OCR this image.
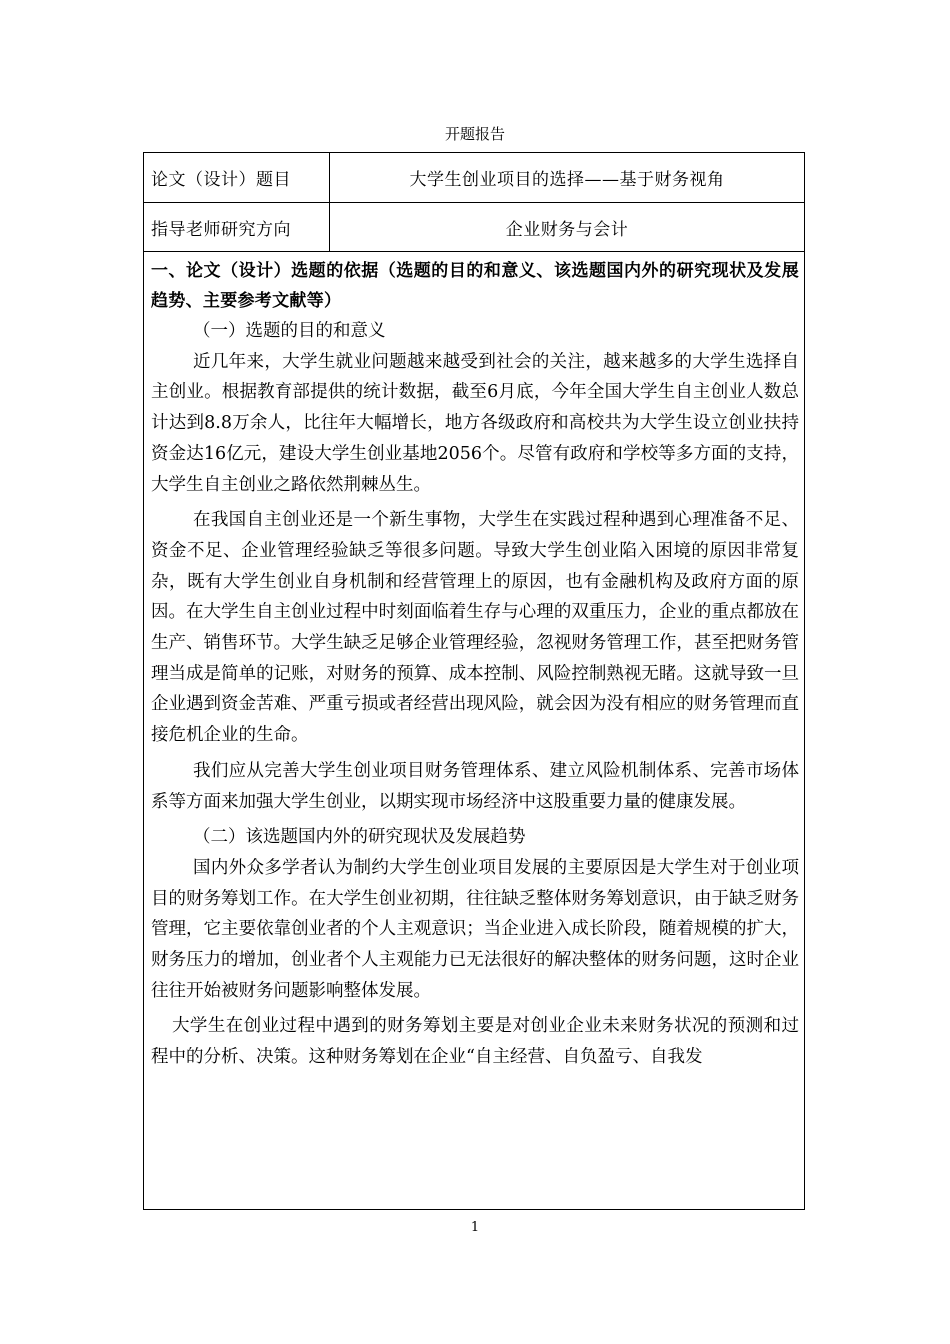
开题报告
论文（设计）题目	大学生创业项目的选择——基于财务视角
指导老师研究方向	企业财务与会计
一、论文（设计）选题的依据（选题的目的和意义、该选题国内外的研究现状及发展趋势、主要参考文献等）
（一）选题的目的和意义

近几年来，大学生就业问题越来越受到社会的关注，越来越多的大学生选择自主创业。根据教育部提供的统计数据，截至6月底，今年全国大学生自主创业人数总计达到8.8万余人，比往年大幅增长，地方各级政府和高校共为大学生设立创业扶持资金达16亿元，建设大学生创业基地2056个。尽管有政府和学校等多方面的支持，大学生自主创业之路依然荆棘丛生。

在我国自主创业还是一个新生事物，大学生在实践过程种遇到心理准备不足、资金不足、企业管理经验缺乏等很多问题。导致大学生创业陷入困境的原因非常复杂，既有大学生创业自身机制和经营管理上的原因，也有金融机构及政府方面的原因。在大学生自主创业过程中时刻面临着生存与心理的双重压力，企业的重点都放在生产、销售环节。大学生缺乏足够企业管理经验，忽视财务管理工作，甚至把财务管理当成是简单的记账，对财务的预算、成本控制、风险控制熟视无睹。这就导致一旦企业遇到资金苦难、严重亏损或者经营出现风险，就会因为没有相应的财务管理而直接危机企业的生命。

我们应从完善大学生创业项目财务管理体系、建立风险机制体系、完善市场体系等方面来加强大学生创业，以期实现市场经济中这股重要力量的健康发展。

（二）该选题国内外的研究现状及发展趋势

国内外众多学者认为制约大学生创业项目发展的主要原因是大学生对于创业项目的财务筹划工作。在大学生创业初期，往往缺乏整体财务筹划意识，由于缺乏财务管理，它主要依靠创业者的个人主观意识；当企业进入成长阶段，随着规模的扩大，财务压力的增加，创业者个人主观能力已无法很好的解决整体的财务问题，这时企业往往开始被财务问题影响整体发展。

大学生在创业过程中遇到的财务筹划主要是对创业企业未来财务状况的预测和过程中的分析、决策。这种财务筹划在企业“自主经营、自负盈亏、自我发

1
